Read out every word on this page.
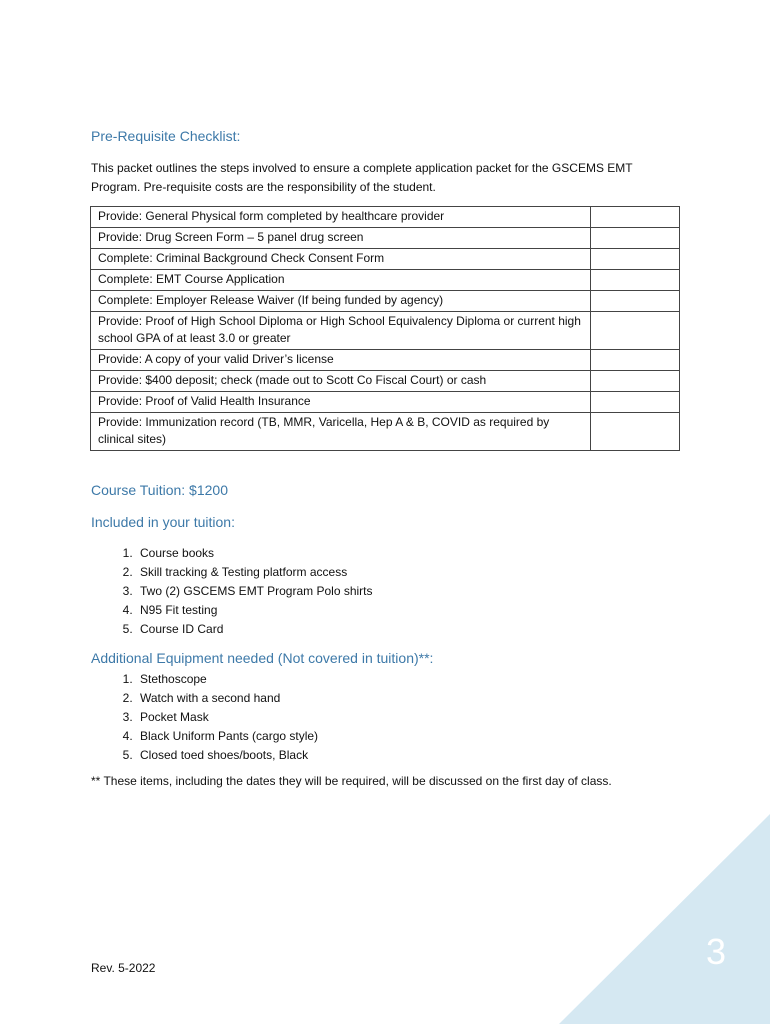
Pre-Requisite Checklist:

This packet outlines the steps involved to ensure a complete application packet for the GSCEMS EMT Program. Pre-requisite costs are the responsibility of the student.

Provide: General Physical form completed by healthcare provider	
Provide: Drug Screen Form – 5 panel drug screen	
Complete: Criminal Background Check Consent Form	
Complete: EMT Course Application	
Complete: Employer Release Waiver (If being funded by agency)	
Provide: Proof of High School Diploma or High School Equivalency Diploma or current high school GPA of at least 3.0 or greater	
Provide: A copy of your valid Driver’s license	
Provide: $400 deposit; check (made out to Scott Co Fiscal Court) or cash	
Provide: Proof of Valid Health Insurance	
Provide: Immunization record (TB, MMR, Varicella, Hep A & B, COVID as required by clinical sites)	
Course Tuition: $1200
Included in your tuition:
1. Course books
2. Skill tracking & Testing platform access
3. Two (2) GSCEMS EMT Program Polo shirts
4. N95 Fit testing
5. Course ID Card
Additional Equipment needed (Not covered in tuition)**:
1. Stethoscope
2. Watch with a second hand
3. Pocket Mask
4. Black Uniform Pants (cargo style)
5. Closed toed shoes/boots, Black

** These items, including the dates they will be required, will be discussed on the first day of class.

Rev. 5-2022	3
